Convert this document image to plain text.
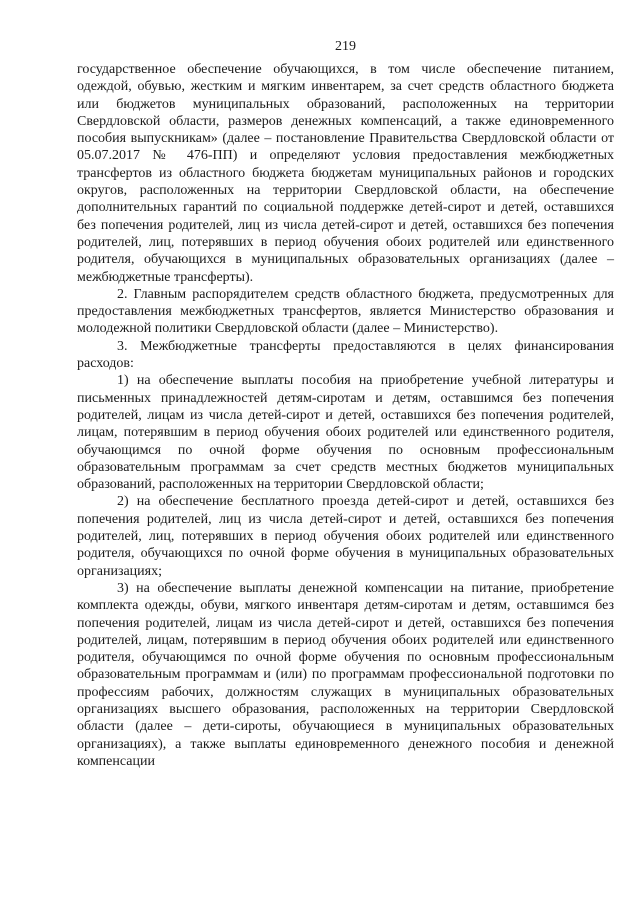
219

государственное обеспечение обучающихся, в том числе обеспечение питанием, одеждой, обувью, жестким и мягким инвентарем, за счет средств областного бюджета или бюджетов муниципальных образований, расположенных на территории Свердловской области, размеров денежных компенсаций, а также единовременного пособия выпускникам» (далее – постановление Правительства Свердловской области от 05.07.2017 № 476-ПП) и определяют условия предоставления межбюджетных трансфертов из областного бюджета бюджетам муниципальных районов и городских округов, расположенных на территории Свердловской области, на обеспечение дополнительных гарантий по социальной поддержке детей-сирот и детей, оставшихся без попечения родителей, лиц из числа детей-сирот и детей, оставшихся без попечения родителей, лиц, потерявших в период обучения обоих родителей или единственного родителя, обучающихся в муниципальных образовательных организациях (далее – межбюджетные трансферты).

2. Главным распорядителем средств областного бюджета, предусмотренных для предоставления межбюджетных трансфертов, является Министерство образования и молодежной политики Свердловской области (далее – Министерство).

3. Межбюджетные трансферты предоставляются в целях финансирования расходов:

1) на обеспечение выплаты пособия на приобретение учебной литературы и письменных принадлежностей детям-сиротам и детям, оставшимся без попечения родителей, лицам из числа детей-сирот и детей, оставшихся без попечения родителей, лицам, потерявшим в период обучения обоих родителей или единственного родителя, обучающимся по очной форме обучения по основным профессиональным образовательным программам за счет средств местных бюджетов муниципальных образований, расположенных на территории Свердловской области;

2) на обеспечение бесплатного проезда детей-сирот и детей, оставшихся без попечения родителей, лиц из числа детей-сирот и детей, оставшихся без попечения родителей, лиц, потерявших в период обучения обоих родителей или единственного родителя, обучающихся по очной форме обучения в муниципальных образовательных организациях;

3) на обеспечение выплаты денежной компенсации на питание, приобретение комплекта одежды, обуви, мягкого инвентаря детям-сиротам и детям, оставшимся без попечения родителей, лицам из числа детей-сирот и детей, оставшихся без попечения родителей, лицам, потерявшим в период обучения обоих родителей или единственного родителя, обучающимся по очной форме обучения по основным профессиональным образовательным программам и (или) по программам профессиональной подготовки по профессиям рабочих, должностям служащих в муниципальных образовательных организациях высшего образования, расположенных на территории Свердловской области (далее – дети-сироты, обучающиеся в муниципальных образовательных организациях), а также выплаты единовременного денежного пособия и денежной компенсации
